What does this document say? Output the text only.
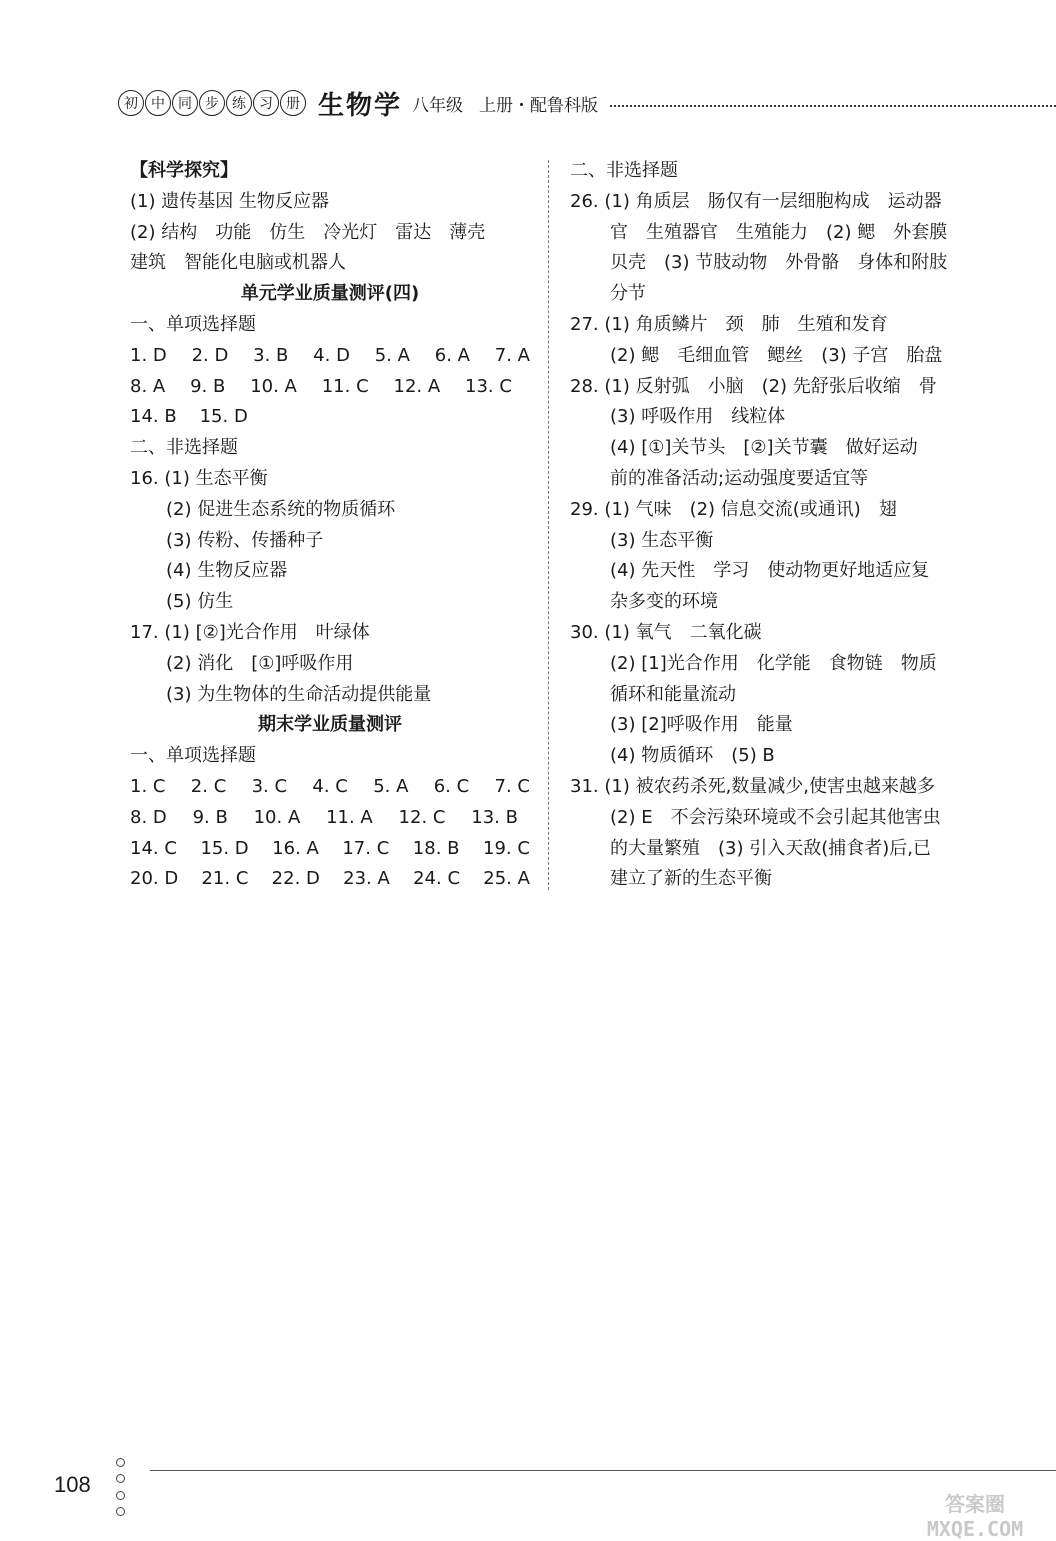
初 中 同 步 练 习 册 生物学 八年级 上册・配鲁科版
【科学探究】
(1) 遗传基因 生物反应器
(2) 结构　功能　仿生　冷光灯　雷达　薄壳
建筑　智能化电脑或机器人
单元学业质量测评(四)
一、单项选择题
1. D 2. D 3. B 4. D 5. A 6. A 7. A
8. A 9. B 10. A 11. C 12. A 13. C
14. B 15. D
二、非选择题
16. (1) 生态平衡
(2) 促进生态系统的物质循环
(3) 传粉、传播种子
(4) 生物反应器
(5) 仿生
17. (1) [②]光合作用　叶绿体
(2) 消化　[①]呼吸作用
(3) 为生物体的生命活动提供能量
期末学业质量测评
一、单项选择题
1. C 2. C 3. C 4. C 5. A 6. C 7. C
8. D 9. B 10. A 11. A 12. C 13. B
14. C 15. D 16. A 17. C 18. B 19. C
20. D 21. C 22. D 23. A 24. C 25. A
二、非选择题
26. (1) 角质层　肠仅有一层细胞构成　运动器
官　生殖器官　生殖能力　(2) 鳃　外套膜
贝壳　(3) 节肢动物　外骨骼　身体和附肢
分节
27. (1) 角质鳞片　颈　肺　生殖和发育
(2) 鳃　毛细血管　鳃丝　(3) 子宫　胎盘
28. (1) 反射弧　小脑　(2) 先舒张后收缩　骨
(3) 呼吸作用　线粒体
(4) [①]关节头　[②]关节囊　做好运动
前的准备活动;运动强度要适宜等
29. (1) 气味　(2) 信息交流(或通讯)　翅
(3) 生态平衡
(4) 先天性　学习　使动物更好地适应复
杂多变的环境
30. (1) 氧气　二氧化碳
(2) [1]光合作用　化学能　食物链　物质
循环和能量流动
(3) [2]呼吸作用　能量
(4) 物质循环　(5) B
31. (1) 被农药杀死,数量减少,使害虫越来越多
(2) E　不会污染环境或不会引起其他害虫
的大量繁殖　(3) 引入天敌(捕食者)后,已
建立了新的生态平衡
108
答案圈 MXQE.COM
